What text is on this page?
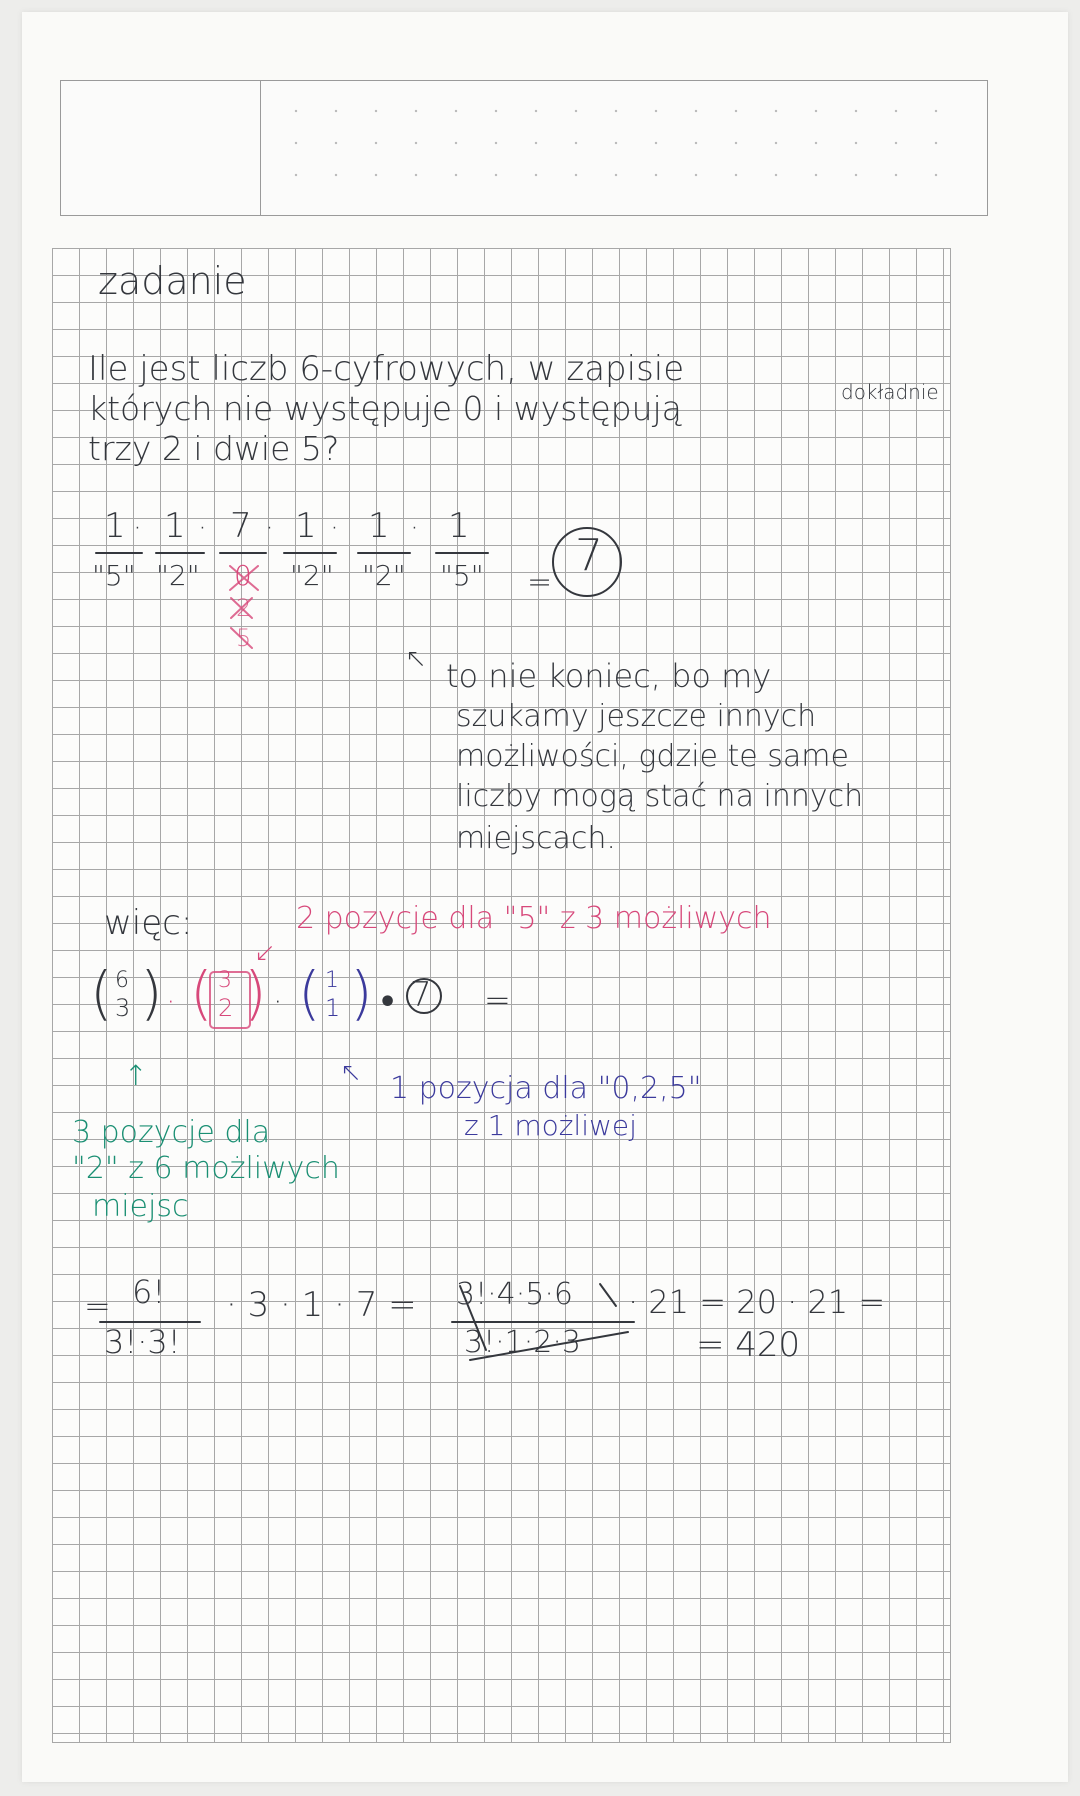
zadanie
Ile jest liczb 6-cyfrowych, w zapisie
dokładnie
których nie występuje 0 i występują
trzy 2 i dwie 5?
1 1 7 1 1 1
· · · ·	·
"5" "2" 0 "2" "2" "5"
2
5
=
7
↖ to nie koniec, bo my
szukamy jeszcze innych
możliwości, gdzie te same
liczby mogą stać na innych
miejscach.
więc:	2 pozycje dla "5" z 3 możliwych
↙
( 6
3 ) · ( 3
2 ) · ( 1
1 ) • 7 =
↑	↖ 1 pozycja dla "0,2,5"
z 1 możliwej
3 pozycje dla
"2" z 6 możliwych
miejsc
= 6!
3!·3!
· 3 · 1 · 7 = 3!·4·5·6
3!·1·2·3
· 21 = 20 · 21 =
= 420
